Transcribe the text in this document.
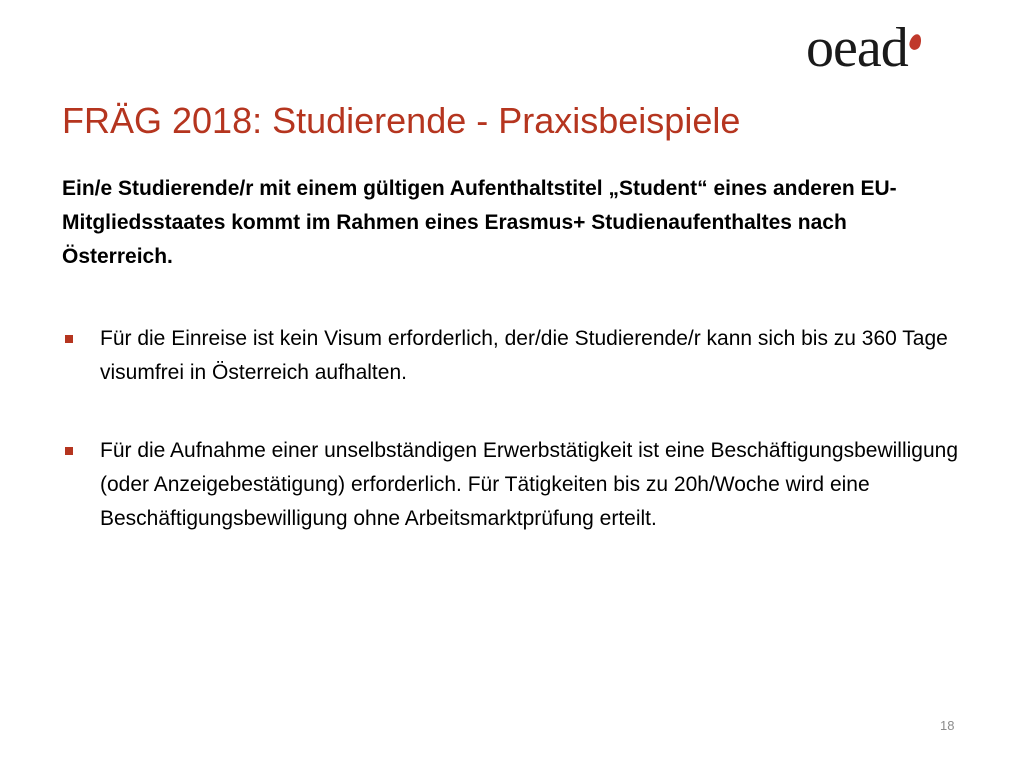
oead
FRÄG 2018: Studierende - Praxisbeispiele

Ein/e Studierende/r mit einem gültigen Aufenthaltstitel „Student“ eines anderen EU-Mitgliedsstaates kommt im Rahmen eines Erasmus+ Studienaufenthaltes nach Österreich.

Für die Einreise ist kein Visum erforderlich, der/die Studierende/r kann sich bis zu 360 Tage visumfrei in Österreich aufhalten.
Für die Aufnahme einer unselbständigen Erwerbstätigkeit ist eine Beschäftigungsbewilligung (oder Anzeigebestätigung) erforderlich. Für Tätigkeiten bis zu 20h/Woche wird eine Beschäftigungsbewilligung ohne Arbeitsmarktprüfung erteilt.
18
